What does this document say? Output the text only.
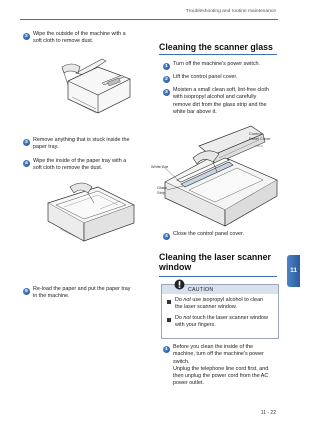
Troubleshooting and routine maintenance
11
2 Wipe the outside of the machine with a
soft cloth to remove dust.
3 Remove anything that is stuck inside the
paper tray.
4 Wipe the inside of the paper tray with a
soft cloth to remove the dust.
5 Re-load the paper and put the paper tray
in the machine.
Cleaning the scanner glass
1 Turn off the machine's power switch.
2 Lift the control panel cover.
3 Moisten a small clean soft, lint-free cloth
with isopropyl alcohol and carefully
remove dirt from the glass strip and the
white bar above it.
Control
Panel Cover
White Bar
Glass
Strip
4 Close the control panel cover.
Cleaning the laser scanner
window
CAUTION
Do not use isopropyl alcohol to clean
the laser scanner window.
Do not touch the laser scanner window
with your fingers.
1 Before you clean the inside of the
machine, turn off the machine's power
switch.
Unplug the telephone line cord first, and
then unplug the power cord from the AC
power outlet.
11 - 22
